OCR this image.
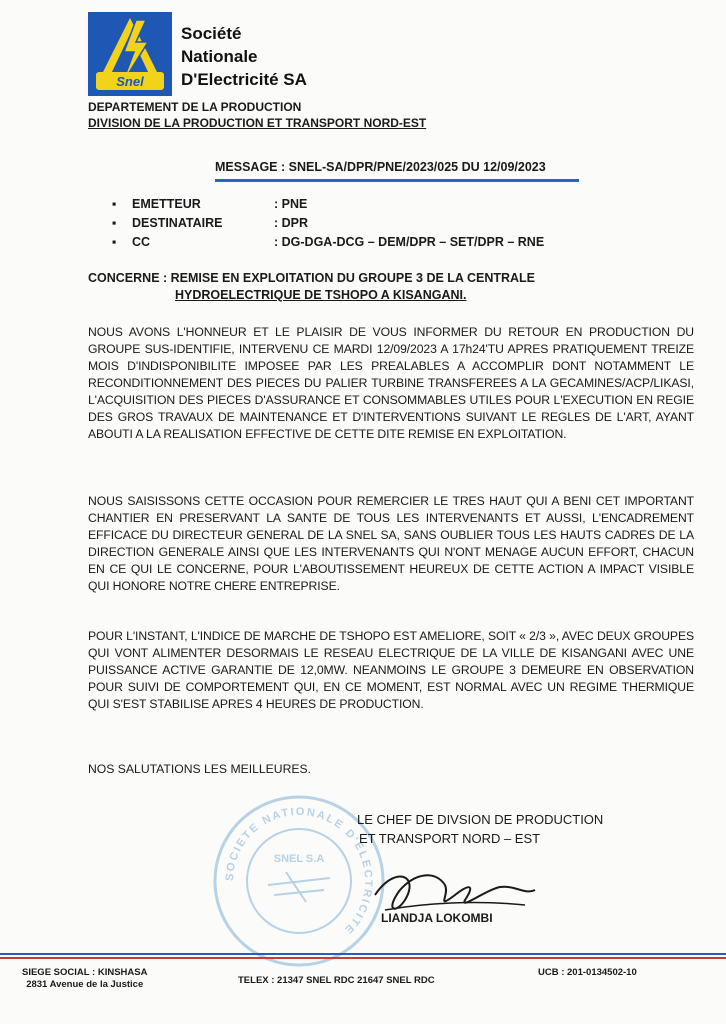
Snel
Société
Nationale
D'Electricité SA
DEPARTEMENT DE LA PRODUCTION
DIVISION DE LA PRODUCTION ET TRANSPORT NORD-EST
MESSAGE : SNEL-SA/DPR/PNE/2023/025 DU 12/09/2023
▪	EMETTEUR	: PNE
▪	DESTINATAIRE	: DPR
▪	CC	: DG-DGA-DCG – DEM/DPR – SET/DPR – RNE
CONCERNE : REMISE EN EXPLOITATION DU GROUPE 3 DE LA CENTRALE
HYDROELECTRIQUE DE TSHOPO A KISANGANI.
NOUS AVONS L'HONNEUR ET LE PLAISIR DE VOUS INFORMER DU RETOUR EN PRODUCTION DU GROUPE SUS-IDENTIFIE, INTERVENU CE MARDI 12/09/2023 A 17h24'TU APRES PRATIQUEMENT TREIZE MOIS D'INDISPONIBILITE IMPOSEE PAR LES PREALABLES A ACCOMPLIR DONT NOTAMMENT LE RECONDITIONNEMENT DES PIECES DU PALIER TURBINE TRANSFEREES A LA GECAMINES/ACP/LIKASI, L'ACQUISITION DES PIECES D'ASSURANCE ET CONSOMMABLES UTILES POUR L'EXECUTION EN REGIE DES GROS TRAVAUX DE MAINTENANCE ET D'INTERVENTIONS SUIVANT LE REGLES DE L'ART, AYANT ABOUTI A LA REALISATION EFFECTIVE DE CETTE DITE REMISE EN EXPLOITATION.
NOUS SAISISSONS CETTE OCCASION POUR REMERCIER LE TRES HAUT QUI A BENI CET IMPORTANT CHANTIER EN PRESERVANT LA SANTE DE TOUS LES INTERVENANTS ET AUSSI, L'ENCADREMENT EFFICACE DU DIRECTEUR GENERAL DE LA SNEL SA, SANS OUBLIER TOUS LES HAUTS CADRES DE LA DIRECTION GENERALE AINSI QUE LES INTERVENANTS QUI N'ONT MENAGE AUCUN EFFORT, CHACUN EN CE QUI LE CONCERNE, POUR L'ABOUTISSEMENT HEUREUX DE CETTE ACTION A IMPACT VISIBLE QUI HONORE NOTRE CHERE ENTREPRISE.
POUR L'INSTANT, L'INDICE DE MARCHE DE TSHOPO EST AMELIORE, SOIT « 2/3 », AVEC DEUX GROUPES QUI VONT ALIMENTER DESORMAIS LE RESEAU ELECTRIQUE DE LA VILLE DE KISANGANI AVEC UNE PUISSANCE ACTIVE GARANTIE DE 12,0MW. NEANMOINS LE GROUPE 3 DEMEURE EN OBSERVATION POUR SUIVI DE COMPORTEMENT QUI, EN CE MOMENT, EST NORMAL AVEC UN REGIME THERMIQUE QUI S'EST STABILISE APRES 4 HEURES DE PRODUCTION.
NOS SALUTATIONS LES MEILLEURES.
SOCIETE NATIONALE D'ELECTRICITE
SNEL S.A
LE CHEF DE DIVSION DE PRODUCTION
ET TRANSPORT NORD – EST
LIANDJA LOKOMBI
SIEGE SOCIAL : KINSHASA
2831 Avenue de la Justice	TELEX : 21347 SNEL RDC 21647 SNEL RDC
UCB : 201-0134502-10
